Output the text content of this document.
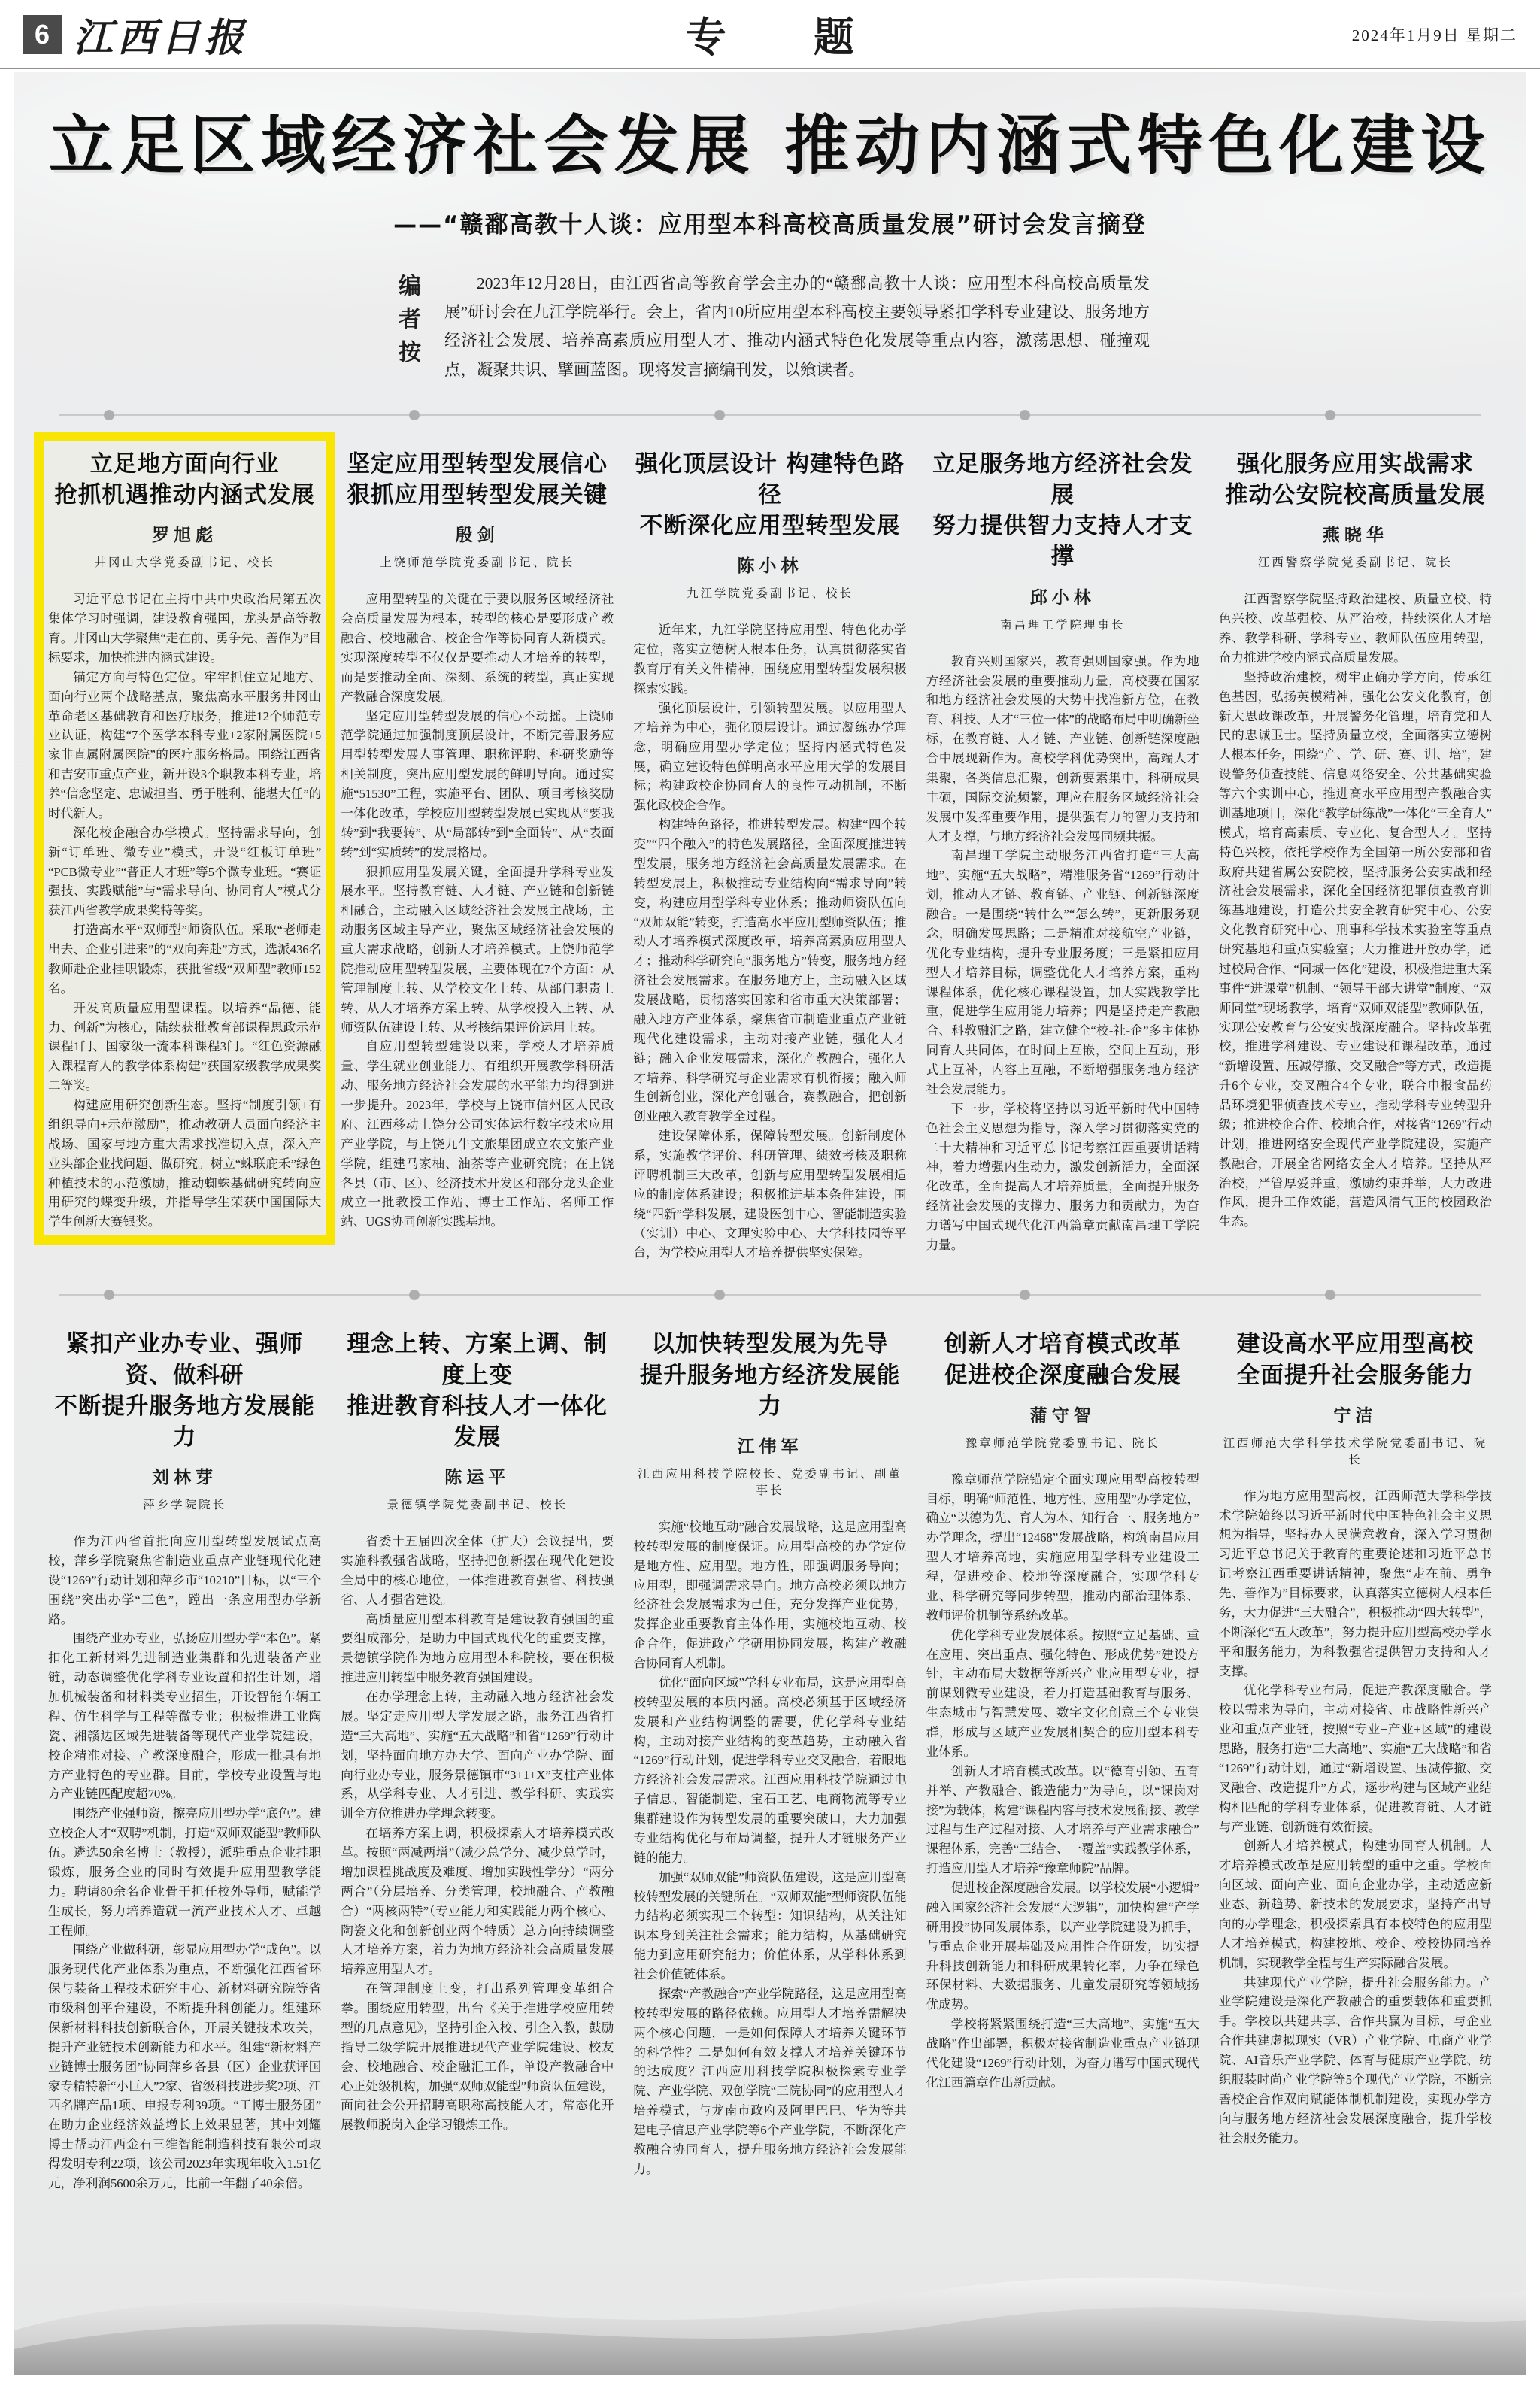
6 江西日报	专 题	2024年1月9日 星期二
立足区域经济社会发展 推动内涵式特色化建设
——“赣鄱高教十人谈：应用型本科高校高质量发展”研讨会发言摘登
编者按	2023年12月28日，由江西省高等教育学会主办的“赣鄱高教十人谈：应用型本科高校高质量发展”研讨会在九江学院举行。会上，省内10所应用型本科高校主要领导紧扣学科专业建设、服务地方经济社会发展、培养高素质应用型人才、推动内涵式特色化发展等重点内容，激荡思想、碰撞观点，凝聚共识、擘画蓝图。现将发言摘编刊发，以飨读者。
立足地方面向行业
抢抓机遇推动内涵式发展
罗旭彪
井冈山大学党委副书记、校长

习近平总书记在主持中共中央政治局第五次集体学习时强调，建设教育强国，龙头是高等教育。井冈山大学聚焦“走在前、勇争先、善作为”目标要求，加快推进内涵式建设。

锚定方向与特色定位。牢牢抓住立足地方、面向行业两个战略基点，聚焦高水平服务井冈山革命老区基础教育和医疗服务，推进12个师范专业认证，构建“7个医学本科专业+2家附属医院+5家非直属附属医院”的医疗服务格局。围绕江西省和吉安市重点产业，新开设3个职教本科专业，培养“信念坚定、忠诚担当、勇于胜利、能堪大任”的时代新人。

深化校企融合办学模式。坚持需求导向，创新“订单班、微专业”模式，开设“红板订单班”“PCB微专业”“普正人才班”等5个微专业班。“赛证强技、实践赋能”与“需求导向、协同育人”模式分获江西省教学成果奖特等奖。

打造高水平“双师型”师资队伍。采取“老师走出去、企业引进来”的“双向奔赴”方式，选派436名教师赴企业挂职锻炼，获批省级“双师型”教师152名。

开发高质量应用型课程。以培养“品德、能力、创新”为核心，陆续获批教育部课程思政示范课程1门、国家级一流本科课程3门。“红色资源融入课程育人的教学体系构建”获国家级教学成果奖二等奖。

构建应用研究创新生态。坚持“制度引领+有组织导向+示范激励”，推动教研人员面向经济主战场、国家与地方重大需求找准切入点，深入产业头部企业找问题、做研究。树立“蛛联庇禾”绿色种植技术的示范激励，推动蜘蛛基础研究转向应用研究的蝶变升级，并指导学生荣获中国国际大学生创新大赛银奖。

坚定应用型转型发展信心
狠抓应用型转型发展关键
殷剑
上饶师范学院党委副书记、院长

应用型转型的关键在于要以服务区域经济社会高质量发展为根本，转型的核心是要形成产教融合、校地融合、校企合作等协同育人新模式。实现深度转型不仅仅是要推动人才培养的转型，而是要推动全面、深刻、系统的转型，真正实现产教融合深度发展。

坚定应用型转型发展的信心不动摇。上饶师范学院通过加强制度顶层设计，不断完善服务应用型转型发展人事管理、职称评聘、科研奖励等相关制度，突出应用型发展的鲜明导向。通过实施“51530”工程，实施平台、团队、项目考核奖励一体化改革，学校应用型转型发展已实现从“要我转”到“我要转”、从“局部转”到“全面转”、从“表面转”到“实质转”的发展格局。

狠抓应用型发展关键，全面提升学科专业发展水平。坚持教育链、人才链、产业链和创新链相融合，主动融入区域经济社会发展主战场，主动服务区域主导产业，聚焦区域经济社会发展的重大需求战略，创新人才培养模式。上饶师范学院推动应用型转型发展，主要体现在7个方面：从管理制度上转、从学校文化上转、从部门职责上转、从人才培养方案上转、从学校投入上转、从师资队伍建设上转、从考核结果评价运用上转。

自应用型转型建设以来，学校人才培养质量、学生就业创业能力、有组织开展教学科研活动、服务地方经济社会发展的水平能力均得到进一步提升。2023年，学校与上饶市信州区人民政府、江西移动上饶分公司实体运行数字技术应用产业学院，与上饶九牛文旅集团成立农文旅产业学院，组建马家柚、油茶等产业研究院；在上饶各县（市、区）、经济技术开发区和部分龙头企业成立一批教授工作站、博士工作站、名师工作站、UGS协同创新实践基地。

强化顶层设计 构建特色路径
不断深化应用型转型发展
陈小林
九江学院党委副书记、校长

近年来，九江学院坚持应用型、特色化办学定位，落实立德树人根本任务，认真贯彻落实省教育厅有关文件精神，围绕应用型转型发展积极探索实践。

强化顶层设计，引领转型发展。以应用型人才培养为中心，强化顶层设计。通过凝练办学理念，明确应用型办学定位；坚持内涵式特色发展，确立建设特色鲜明高水平应用大学的发展目标；构建政校企协同育人的良性互动机制，不断强化政校企合作。

构建特色路径，推进转型发展。构建“四个转变”“四个融入”的特色发展路径，全面深度推进转型发展，服务地方经济社会高质量发展需求。在转型发展上，积极推动专业结构向“需求导向”转变，构建应用型学科专业体系；推动师资队伍向“双师双能”转变，打造高水平应用型师资队伍；推动人才培养模式深度改革，培养高素质应用型人才；推动科学研究向“服务地方”转变，服务地方经济社会发展需求。在服务地方上，主动融入区域发展战略，贯彻落实国家和省市重大决策部署；融入地方产业体系，聚焦省市制造业重点产业链现代化建设需求，主动对接产业链，强化人才链；融入企业发展需求，深化产教融合，强化人才培养、科学研究与企业需求有机衔接；融入师生创新创业，深化产创融合，赛教融合，把创新创业融入教育教学全过程。

建设保障体系，保障转型发展。创新制度体系，实施教学评价、科研管理、绩效考核及职称评聘机制三大改革，创新与应用型转型发展相适应的制度体系建设；积极推进基本条件建设，围绕“四新”学科发展，建设医创中心、智能制造实验（实训）中心、文理实验中心、大学科技园等平台，为学校应用型人才培养提供坚实保障。

立足服务地方经济社会发展
努力提供智力支持人才支撑
邱小林
南昌理工学院理事长

教育兴则国家兴，教育强则国家强。作为地方经济社会发展的重要推动力量，高校要在国家和地方经济社会发展的大势中找准新方位，在教育、科技、人才“三位一体”的战略布局中明确新坐标，在教育链、人才链、产业链、创新链深度融合中展现新作为。高校学科优势突出，高端人才集聚，各类信息汇聚，创新要素集中，科研成果丰硕，国际交流频繁，理应在服务区域经济社会发展中发挥重要作用，提供强有力的智力支持和人才支撑，与地方经济社会发展同频共振。

南昌理工学院主动服务江西省打造“三大高地”、实施“五大战略”，精准服务省“1269”行动计划，推动人才链、教育链、产业链、创新链深度融合。一是围绕“转什么”“怎么转”，更新服务观念，明确发展思路；二是精准对接航空产业链，优化专业结构，提升专业服务度；三是紧扣应用型人才培养目标，调整优化人才培养方案，重构课程体系，优化核心课程设置，加大实践教学比重，促进学生应用能力培养；四是坚持走产教融合、科教融汇之路，建立健全“校-社-企”多主体协同育人共同体，在时间上互嵌，空间上互动，形式上互补，内容上互融，不断增强服务地方经济社会发展能力。

下一步，学校将坚持以习近平新时代中国特色社会主义思想为指导，深入学习贯彻落实党的二十大精神和习近平总书记考察江西重要讲话精神，着力增强内生动力，激发创新活力，全面深化改革，全面提高人才培养质量，全面提升服务经济社会发展的支撑力、服务力和贡献力，为奋力谱写中国式现代化江西篇章贡献南昌理工学院力量。

强化服务应用实战需求
推动公安院校高质量发展
燕晓华
江西警察学院党委副书记、院长

江西警察学院坚持政治建校、质量立校、特色兴校、改革强校、从严治校，持续深化人才培养、教学科研、学科专业、教师队伍应用转型，奋力推进学校内涵式高质量发展。

坚持政治建校，树牢正确办学方向，传承红色基因，弘扬英模精神，强化公安文化教育，创新大思政课改革，开展警务化管理，培育党和人民的忠诚卫士。坚持质量立校，全面落实立德树人根本任务，围绕“产、学、研、赛、训、培”，建设警务侦查技能、信息网络安全、公共基础实验等六个实训中心，推进高水平应用型产教融合实训基地项目，深化“教学研练战”一体化“三全育人”模式，培育高素质、专业化、复合型人才。坚持特色兴校，依托学校作为全国第一所公安部和省政府共建省属公安院校，坚持服务公安实战和经济社会发展需求，深化全国经济犯罪侦查教育训练基地建设，打造公共安全教育研究中心、公安文化教育研究中心、刑事科学技术实验室等重点研究基地和重点实验室；大力推进开放办学，通过校局合作、“同城一体化”建设，积极推进重大案事件“进课堂”机制、“领导干部大讲堂”制度、“双师同堂”现场教学，培育“双师双能型”教师队伍，实现公安教育与公安实战深度融合。坚持改革强校，推进学科建设、专业建设和课程改革，通过“新增设置、压减停撤、交叉融合”等方式，改造提升6个专业，交叉融合4个专业，联合申报食品药品环境犯罪侦查技术专业，推动学科专业转型升级；推进校企合作、校地合作，对接省“1269”行动计划，推进网络安全现代产业学院建设，实施产教融合，开展全省网络安全人才培养。坚持从严治校，严管厚爱并重，激励约束并举，大力改进作风，提升工作效能，营造风清气正的校园政治生态。

紧扣产业办专业、强师资、做科研
不断提升服务地方发展能力
刘林芽
萍乡学院院长

作为江西省首批向应用型转型发展试点高校，萍乡学院聚焦省制造业重点产业链现代化建设“1269”行动计划和萍乡市“10210”目标，以“三个围绕”突出办学“三色”，蹚出一条应用型办学新路。

围绕产业办专业，弘扬应用型办学“本色”。紧扣化工新材料先进制造业集群和先进装备产业链，动态调整优化学科专业设置和招生计划，增加机械装备和材料类专业招生，开设智能车辆工程、仿生科学与工程等微专业；积极推进工业陶瓷、湘赣边区域先进装备等现代产业学院建设，校企精准对接、产教深度融合，形成一批具有地方产业特色的专业群。目前，学校专业设置与地方产业链匹配度超70%。

围绕产业强师资，擦亮应用型办学“底色”。建立校企人才“双聘”机制，打造“双师双能型”教师队伍。遴选50余名博士（教授），派驻重点企业挂职锻炼，服务企业的同时有效提升应用型教学能力。聘请80余名企业骨干担任校外导师，赋能学生成长，努力培养造就一流产业技术人才、卓越工程师。

围绕产业做科研，彰显应用型办学“成色”。以服务现代化产业体系为重点，不断强化江西省环保与装备工程技术研究中心、新材料研究院等省市级科创平台建设，不断提升科创能力。组建环保新材料科技创新联合体，开展关键技术攻关，提升产业链技术创新能力和水平。组建“新材料产业链博士服务团”协同萍乡各县（区）企业获评国家专精特新“小巨人”2家、省级科技进步奖2项、江西名牌产品1项、申报专利39项。“工博士服务团”在助力企业经济效益增长上效果显著，其中刘耀博士帮助江西金石三维智能制造科技有限公司取得发明专利22项，该公司2023年实现年收入1.51亿元，净利润5600余万元，比前一年翻了40余倍。

理念上转、方案上调、制度上变
推进教育科技人才一体化发展
陈运平
景德镇学院党委副书记、校长

省委十五届四次全体（扩大）会议提出，要实施科教强省战略，坚持把创新摆在现代化建设全局中的核心地位，一体推进教育强省、科技强省、人才强省建设。

高质量应用型本科教育是建设教育强国的重要组成部分，是助力中国式现代化的重要支撑，景德镇学院作为地方应用型本科院校，要在积极推进应用转型中服务教育强国建设。

在办学理念上转，主动融入地方经济社会发展。坚定走应用型大学发展之路，服务江西省打造“三大高地”、实施“五大战略”和省“1269”行动计划，坚持面向地方办大学、面向产业办学院、面向行业办专业，服务景德镇市“3+1+X”支柱产业体系，从学科专业、人才引进、教学科研、实践实训全方位推进办学理念转变。

在培养方案上调，积极探索人才培养模式改革。按照“两减两增”（减少总学分、减少总学时，增加课程挑战度及难度、增加实践性学分）“两分两合”（分层培养、分类管理，校地融合、产教融合）“两核两特”（专业能力和实践能力两个核心、陶瓷文化和创新创业两个特质）总方向持续调整人才培养方案，着力为地方经济社会高质量发展培养应用型人才。

在管理制度上变，打出系列管理变革组合拳。围绕应用转型，出台《关于推进学校应用转型的几点意见》，坚持引企入校、引企入教，鼓励指导二级学院开展推进现代产业学院建设、校友会、校地融合、校企融汇工作，单设产教融合中心正处级机构，加强“双师双能型”师资队伍建设，面向社会公开招聘高职称高技能人才，常态化开展教师脱岗入企学习锻炼工作。

以加快转型发展为先导
提升服务地方经济发展能力
江伟军
江西应用科技学院校长、党委副书记、副董事长

实施“校地互动”融合发展战略，这是应用型高校转型发展的制度保证。应用型高校的办学定位是地方性、应用型。地方性，即强调服务导向；应用型，即强调需求导向。地方高校必须以地方经济社会发展需求为己任，充分发挥产业优势，发挥企业重要教育主体作用，实施校地互动、校企合作，促进政产学研用协同发展，构建产教融合协同育人机制。

优化“面向区域”学科专业布局，这是应用型高校转型发展的本质内涵。高校必须基于区域经济发展和产业结构调整的需要，优化学科专业结构，主动对接产业结构的变革趋势，主动融入省“1269”行动计划，促进学科专业交叉融合，着眼地方经济社会发展需求。江西应用科技学院通过电子信息、智能制造、宝石工艺、电商物流等专业集群建设作为转型发展的重要突破口，大力加强专业结构优化与布局调整，提升人才链服务产业链的能力。

加强“双师双能”师资队伍建设，这是应用型高校转型发展的关键所在。“双师双能”型师资队伍能力结构必须实现三个转型：知识结构，从关注知识本身到关注社会需求；能力结构，从基础研究能力到应用研究能力；价值体系，从学科体系到社会价值链体系。

探索“产教融合”产业学院路径，这是应用型高校转型发展的路径依赖。应用型人才培养需解决两个核心问题，一是如何保障人才培养关键环节的科学性？二是如何有效支撑人才培养关键环节的达成度？江西应用科技学院积极探索专业学院、产业学院、双创学院“三院协同”的应用型人才培养模式，与龙南市政府及阿里巴巴、华为等共建电子信息产业学院等6个产业学院，不断深化产教融合协同育人，提升服务地方经济社会发展能力。

创新人才培育模式改革
促进校企深度融合发展
蒲守智
豫章师范学院党委副书记、院长

豫章师范学院锚定全面实现应用型高校转型目标，明确“师范性、地方性、应用型”办学定位，确立“以德为先、育人为本、知行合一、服务地方”办学理念，提出“12468”发展战略，构筑南昌应用型人才培养高地，实施应用型学科专业建设工程，促进校企、校地等深度融合，实现学科专业、科学研究等同步转型，推动内部治理体系、教师评价机制等系统改革。

优化学科专业发展体系。按照“立足基础、重在应用、突出重点、强化特色、形成优势”建设方针，主动布局大数据等新兴产业应用型专业，提前谋划微专业建设，着力打造基础教育与服务、生态城市与智慧发展、数字文化创意三个专业集群，形成与区域产业发展相契合的应用型本科专业体系。

创新人才培育模式改革。以“德育引领、五育并举、产教融合、锻造能力”为导向，以“课岗对接”为载体，构建“课程内容与技术发展衔接、教学过程与生产过程对接、人才培养与产业需求融合”课程体系，完善“三结合、一覆盖”实践教学体系，打造应用型人才培养“豫章师院”品牌。

促进校企深度融合发展。以学校发展“小逻辑”融入国家经济社会发展“大逻辑”，加快构建“产学研用投”协同发展体系，以产业学院建设为抓手，与重点企业开展基础及应用性合作研发，切实提升科技创新能力和科研成果转化率，力争在绿色环保材料、大数据服务、儿童发展研究等领域扬优成势。

学校将紧紧围绕打造“三大高地”、实施“五大战略”作出部署，积极对接省制造业重点产业链现代化建设“1269”行动计划，为奋力谱写中国式现代化江西篇章作出新贡献。

建设高水平应用型高校
全面提升社会服务能力
宁洁
江西师范大学科学技术学院党委副书记、院长

作为地方应用型高校，江西师范大学科学技术学院始终以习近平新时代中国特色社会主义思想为指导，坚持办人民满意教育，深入学习贯彻习近平总书记关于教育的重要论述和习近平总书记考察江西重要讲话精神，聚焦“走在前、勇争先、善作为”目标要求，认真落实立德树人根本任务，大力促进“三大融合”，积极推动“四大转型”，不断深化“五大改革”，努力提升应用型高校办学水平和服务能力，为科教强省提供智力支持和人才支撑。

优化学科专业布局，促进产教深度融合。学校以需求为导向，主动对接省、市战略性新兴产业和重点产业链，按照“专业+产业+区域”的建设思路，服务打造“三大高地”、实施“五大战略”和省“1269”行动计划，通过“新增设置、压减停撤、交叉融合、改造提升”方式，逐步构建与区域产业结构相匹配的学科专业体系，促进教育链、人才链与产业链、创新链有效衔接。

创新人才培养模式，构建协同育人机制。人才培养模式改革是应用转型的重中之重。学校面向区域、面向产业、面向企业办学，主动适应新业态、新趋势、新技术的发展要求，坚持产出导向的办学理念，积极探索具有本校特色的应用型人才培养模式，构建校地、校企、校校协同培养机制，实现教学全程与生产实际融合发展。

共建现代产业学院，提升社会服务能力。产业学院建设是深化产教融合的重要载体和重要抓手。学校以共建共享、合作共赢为目标，与企业合作共建虚拟现实（VR）产业学院、电商产业学院、AI音乐产业学院、体育与健康产业学院、纺织服装时尚产业学院等5个现代产业学院，不断完善校企合作双向赋能体制机制建设，实现办学方向与服务地方经济社会发展深度融合，提升学校社会服务能力。
